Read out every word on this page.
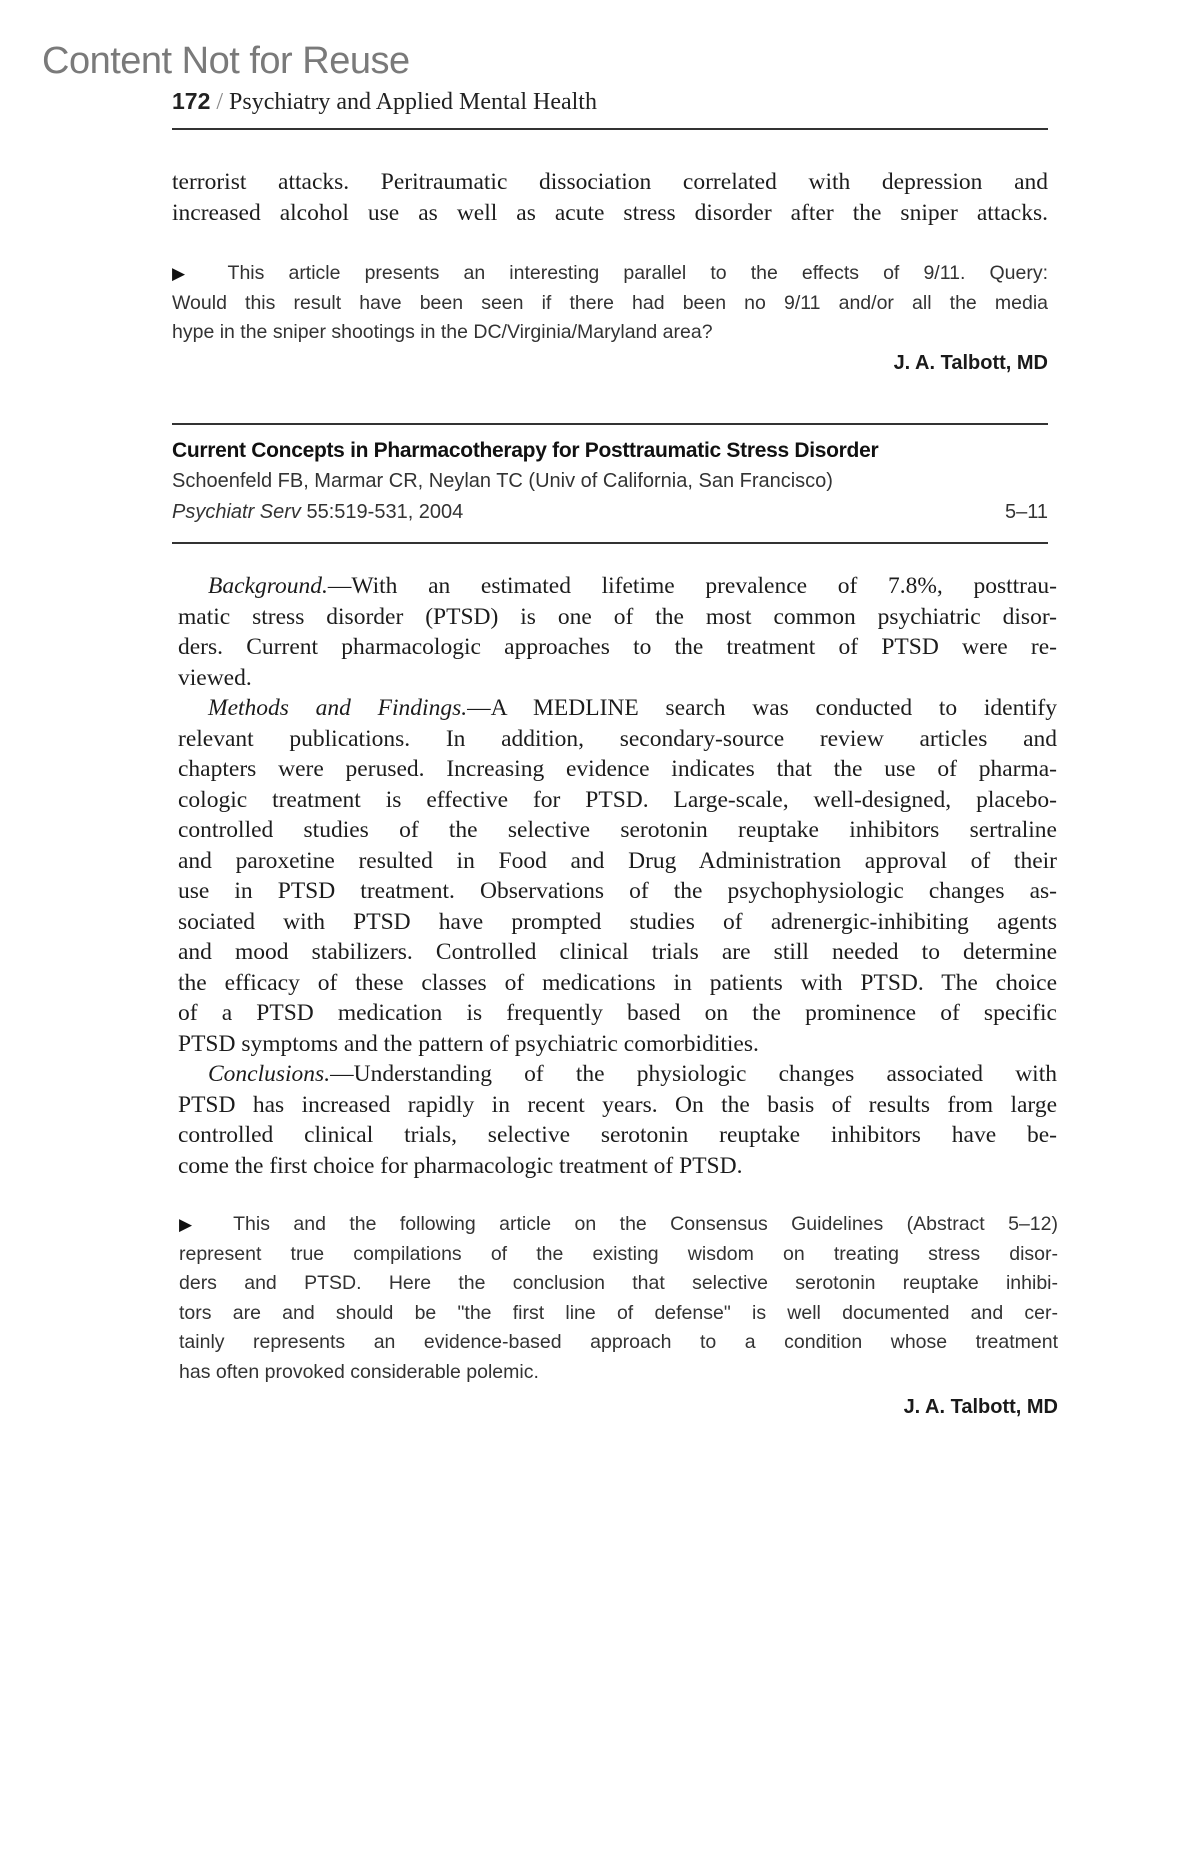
Content Not for Reuse
172 / Psychiatry and Applied Mental Health
terrorist attacks. Peritraumatic dissociation correlated with depression and
increased alcohol use as well as acute stress disorder after the sniper attacks.
▶ This article presents an interesting parallel to the effects of 9/11. Query:
Would this result have been seen if there had been no 9/11 and/or all the media
hype in the sniper shootings in the DC/Virginia/Maryland area?
J. A. Talbott, MD
Current Concepts in Pharmacotherapy for Posttraumatic Stress Disorder
Schoenfeld FB, Marmar CR, Neylan TC (Univ of California, San Francisco)
Psychiatr Serv 55:519-531, 2004	5–11
Background.—With an estimated lifetime prevalence of 7.8%, posttrau-
matic stress disorder (PTSD) is one of the most common psychiatric disor-
ders. Current pharmacologic approaches to the treatment of PTSD were re-
viewed.
Methods and Findings.—A MEDLINE search was conducted to identify
relevant publications. In addition, secondary-source review articles and
chapters were perused. Increasing evidence indicates that the use of pharma-
cologic treatment is effective for PTSD. Large-scale, well-designed, placebo-
controlled studies of the selective serotonin reuptake inhibitors sertraline
and paroxetine resulted in Food and Drug Administration approval of their
use in PTSD treatment. Observations of the psychophysiologic changes as-
sociated with PTSD have prompted studies of adrenergic-inhibiting agents
and mood stabilizers. Controlled clinical trials are still needed to determine
the efficacy of these classes of medications in patients with PTSD. The choice
of a PTSD medication is frequently based on the prominence of specific
PTSD symptoms and the pattern of psychiatric comorbidities.
Conclusions.—Understanding of the physiologic changes associated with
PTSD has increased rapidly in recent years. On the basis of results from large
controlled clinical trials, selective serotonin reuptake inhibitors have be-
come the first choice for pharmacologic treatment of PTSD.
▶ This and the following article on the Consensus Guidelines (Abstract 5–12)
represent true compilations of the existing wisdom on treating stress disor-
ders and PTSD. Here the conclusion that selective serotonin reuptake inhibi-
tors are and should be "the first line of defense" is well documented and cer-
tainly represents an evidence-based approach to a condition whose treatment
has often provoked considerable polemic.
J. A. Talbott, MD
